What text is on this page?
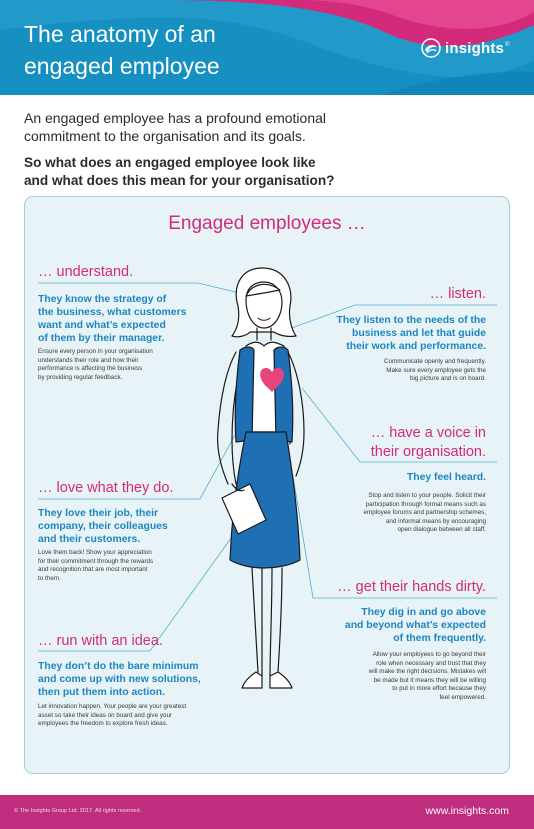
The anatomy of an
engaged employee
insights ®
An engaged employee has a profound emotional
commitment to the organisation and its goals.
So what does an engaged employee look like
and what does this mean for your organisation?
Engaged employees …
… understand.
They know the strategy of
the business, what customers
want and what’s expected
of them by their manager.
Ensure every person in your organisation
understands their role and how their
performance is affecting the business
by providing regular feedback.
… listen.
They listen to the needs of the
business and let that guide
their work and performance.
Communicate openly and frequently.
Make sure every employee gets the
big picture and is on board.
… have a voice in
their organisation.
They feel heard.
Stop and listen to your people. Solicit their
participation through formal means such as
employee forums and partnership schemes,
and informal means by encouraging
open dialogue between all staff.
… love what they do.
They love their job, their
company, their colleagues
and their customers.
Love them back! Show your appreciation
for their commitment through the rewards
and recognition that are most important
to them.
… get their hands dirty.
They dig in and go above
and beyond what’s expected
of them frequently.
Allow your employees to go beyond their
role when necessary and trust that they
will make the right decisions. Mistakes will
be made but it means they will be willing
to put in more effort because they
feel empowered.
… run with an idea.
They don’t do the bare minimum
and come up with new solutions,
then put them into action.
Let innovation happen. Your people are your greatest
asset so take their ideas on board and give your
employees the freedom to explore fresh ideas.
© The Insights Group Ltd, 2017. All rights reserved.	www.insights.com
